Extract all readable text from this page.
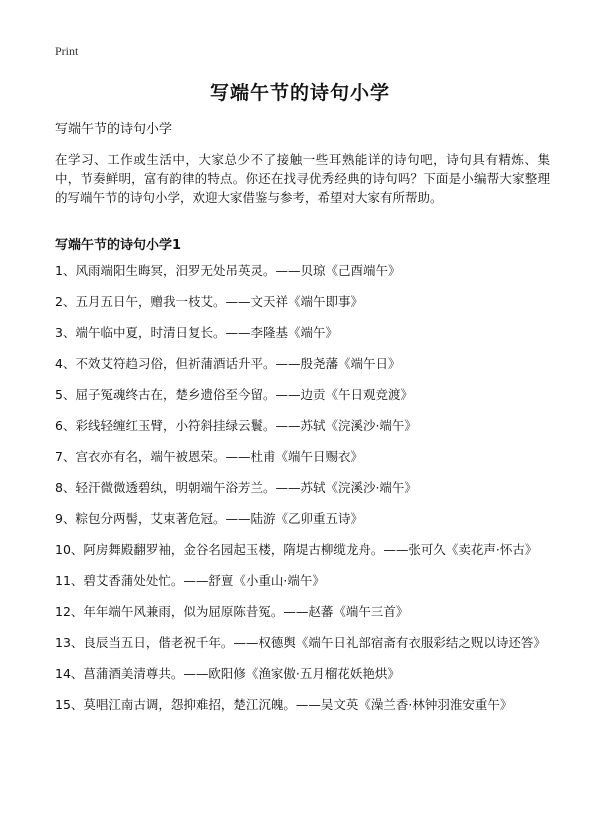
Print
写端午节的诗句小学

写端午节的诗句小学

在学习、工作或生活中，大家总少不了接触一些耳熟能详的诗句吧，诗句具有精炼、集中，节奏鲜明，富有韵律的特点。你还在找寻优秀经典的诗句吗？下面是小编帮大家整理的写端午节的诗句小学，欢迎大家借鉴与参考，希望对大家有所帮助。

写端午节的诗句小学1
1、风雨端阳生晦冥，汨罗无处吊英灵。——贝琼《己酉端午》
2、五月五日午，赠我一枝艾。——文天祥《端午即事》
3、端午临中夏，时清日复长。——李隆基《端午》
4、不效艾符趋习俗，但祈蒲酒话升平。——殷尧藩《端午日》
5、屈子冤魂终古在，楚乡遗俗至今留。——边贡《午日观竞渡》
6、彩线轻缠红玉臂，小符斜挂绿云鬟。——苏轼《浣溪沙·端午》
7、宫衣亦有名，端午被恩荣。——杜甫《端午日赐衣》
8、轻汗微微透碧纨，明朝端午浴芳兰。——苏轼《浣溪沙·端午》
9、粽包分两髻，艾束著危冠。——陆游《乙卯重五诗》
10、阿房舞殿翻罗袖，金谷名园起玉楼，隋堤古柳缆龙舟。——张可久《卖花声·怀古》
11、碧艾香蒲处处忙。——舒亶《小重山·端午》
12、年年端午风兼雨，似为屈原陈昔冤。——赵蕃《端午三首》
13、良辰当五日，偕老祝千年。——权德舆《端午日礼部宿斋有衣服彩结之贶以诗还答》
14、菖蒲酒美清尊共。——欧阳修《渔家傲·五月榴花妖艳烘》
15、莫唱江南古调，怨抑难招，楚江沉魄。——吴文英《澡兰香·林钟羽淮安重午》
